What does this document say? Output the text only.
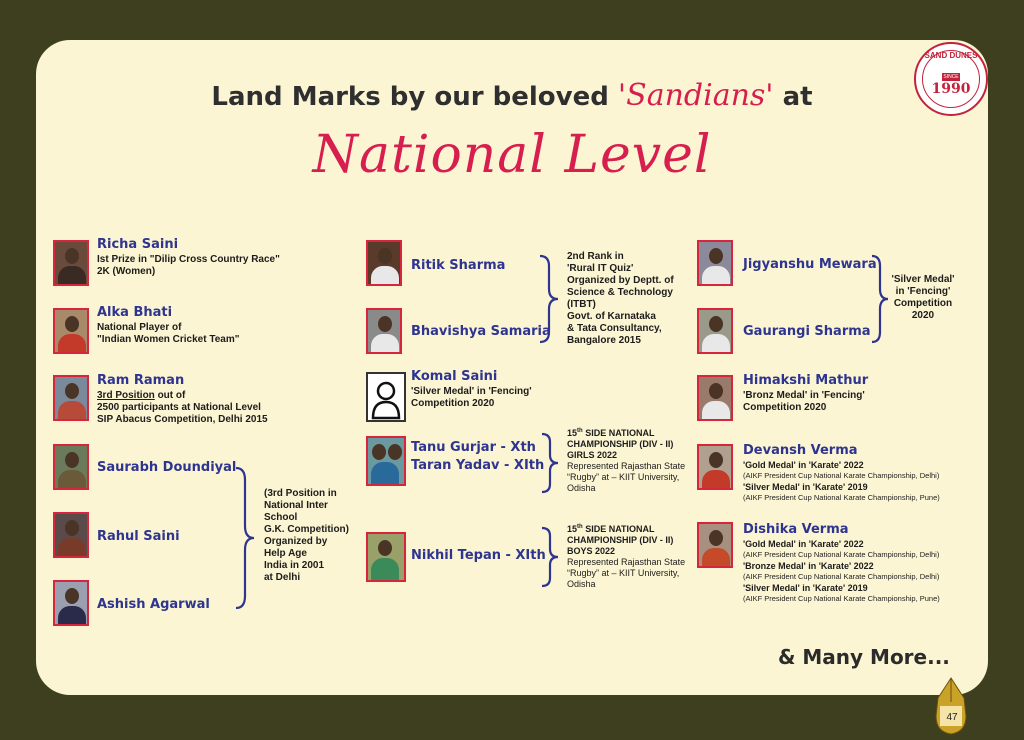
SAND DUNES
SINCE
1990
Land Marks by our beloved 'Sandians' at
National Level
Richa Saini
Ist Prize in "Dilip Cross Country Race"
2K (Women)
Alka Bhati
National Player of
"Indian Women Cricket Team"
Ram Raman
3rd Position out of
2500 participants at National Level
SIP Abacus Competition, Delhi 2015
Saurabh Doundiyal
Rahul Saini
Ashish Agarwal
(3rd Position in
National Inter
School
G.K. Competition)
Organized by
Help Age
India in 2001
at Delhi
Ritik Sharma
Bhavishya Samaria
2nd Rank in
'Rural IT Quiz'
Organized by Deptt. of
Science & Technology
(ITBT)
Govt. of Karnataka
& Tata Consultancy,
Bangalore 2015
Komal Saini
'Silver Medal' in 'Fencing'
Competition 2020
Tanu Gurjar - Xth
Taran Yadav - XIth
15th SIDE NATIONAL
CHAMPIONSHIP (DIV - II)
GIRLS 2022
Represented Rajasthan State
“Rugby” at – KIIT University,
Odisha
Nikhil Tepan - XIth
15th SIDE NATIONAL
CHAMPIONSHIP (DIV - II)
BOYS 2022
Represented Rajasthan State
“Rugby” at – KIIT University,
Odisha
Jigyanshu Mewara
Gaurangi Sharma
'Silver Medal'
in 'Fencing'
Competition
2020
Himakshi Mathur
'Bronz Medal' in 'Fencing'
Competition 2020
Devansh Verma
'Gold Medal' in 'Karate' 2022
(AIKF President Cup National Karate Championship, Delhi)
'Silver Medal' in 'Karate' 2019
(AIKF President Cup National Karate Championship, Pune)
Dishika Verma
'Gold Medal' in 'Karate' 2022
(AIKF President Cup National Karate Championship, Delhi)
'Bronze Medal' in 'Karate' 2022
(AIKF President Cup National Karate Championship, Delhi)
'Silver Medal' in 'Karate' 2019
(AIKF President Cup National Karate Championship, Pune)
& Many More...
47
